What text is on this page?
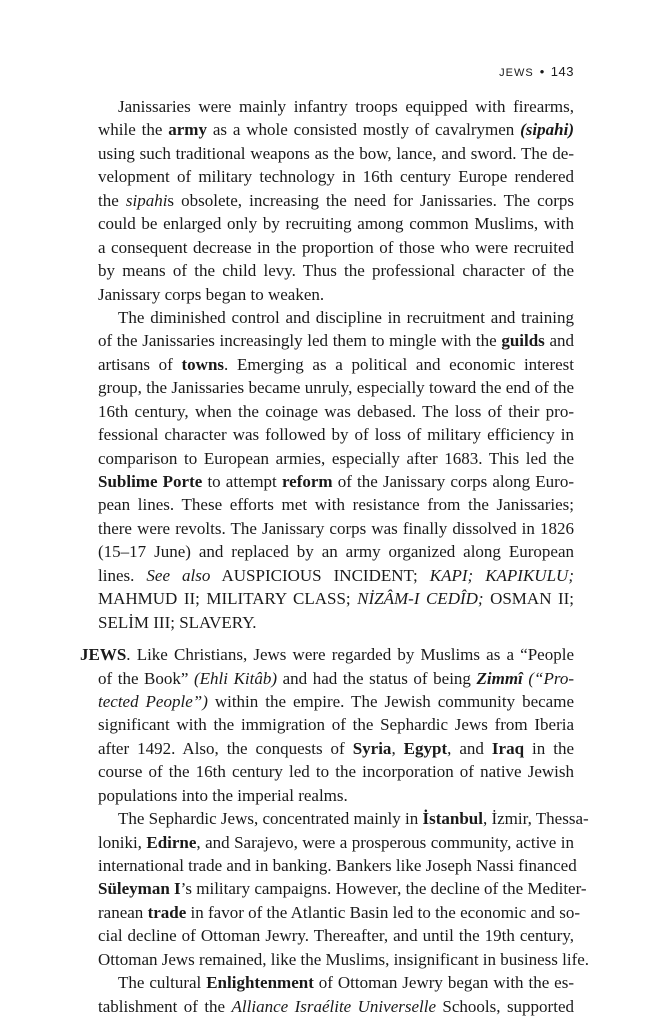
JEWS • 143
Janissaries were mainly infantry troops equipped with firearms,
while the army as a whole consisted mostly of cavalrymen (sipahi)
using such traditional weapons as the bow, lance, and sword. The de-
velopment of military technology in 16th century Europe rendered
the sipahis obsolete, increasing the need for Janissaries. The corps
could be enlarged only by recruiting among common Muslims, with
a consequent decrease in the proportion of those who were recruited
by means of the child levy. Thus the professional character of the
Janissary corps began to weaken.
The diminished control and discipline in recruitment and training
of the Janissaries increasingly led them to mingle with the guilds and
artisans of towns. Emerging as a political and economic interest
group, the Janissaries became unruly, especially toward the end of the
16th century, when the coinage was debased. The loss of their pro-
fessional character was followed by of loss of military efficiency in
comparison to European armies, especially after 1683. This led the
Sublime Porte to attempt reform of the Janissary corps along Euro-
pean lines. These efforts met with resistance from the Janissaries;
there were revolts. The Janissary corps was finally dissolved in 1826
(15–17 June) and replaced by an army organized along European
lines. See also AUSPICIOUS INCIDENT; KAPI; KAPIKULU;
MAHMUD II; MILITARY CLASS; NİZÂM-I CEDÎD; OSMAN II;
SELİM III; SLAVERY.
JEWS. Like Christians, Jews were regarded by Muslims as a “People
of the Book” (Ehli Kitâb) and had the status of being Zimmî (“Pro-
tected People”) within the empire. The Jewish community became
significant with the immigration of the Sephardic Jews from Iberia
after 1492. Also, the conquests of Syria, Egypt, and Iraq in the
course of the 16th century led to the incorporation of native Jewish
populations into the imperial realms.
The Sephardic Jews, concentrated mainly in İstanbul, İzmir, Thessa-
loniki, Edirne, and Sarajevo, were a prosperous community, active in
international trade and in banking. Bankers like Joseph Nassi financed
Süleyman I’s military campaigns. However, the decline of the Mediter-
ranean trade in favor of the Atlantic Basin led to the economic and so-
cial decline of Ottoman Jewry. Thereafter, and until the 19th century,
Ottoman Jews remained, like the Muslims, insignificant in business life.
The cultural Enlightenment of Ottoman Jewry began with the es-
tablishment of the Alliance Israélite Universelle Schools, supported
